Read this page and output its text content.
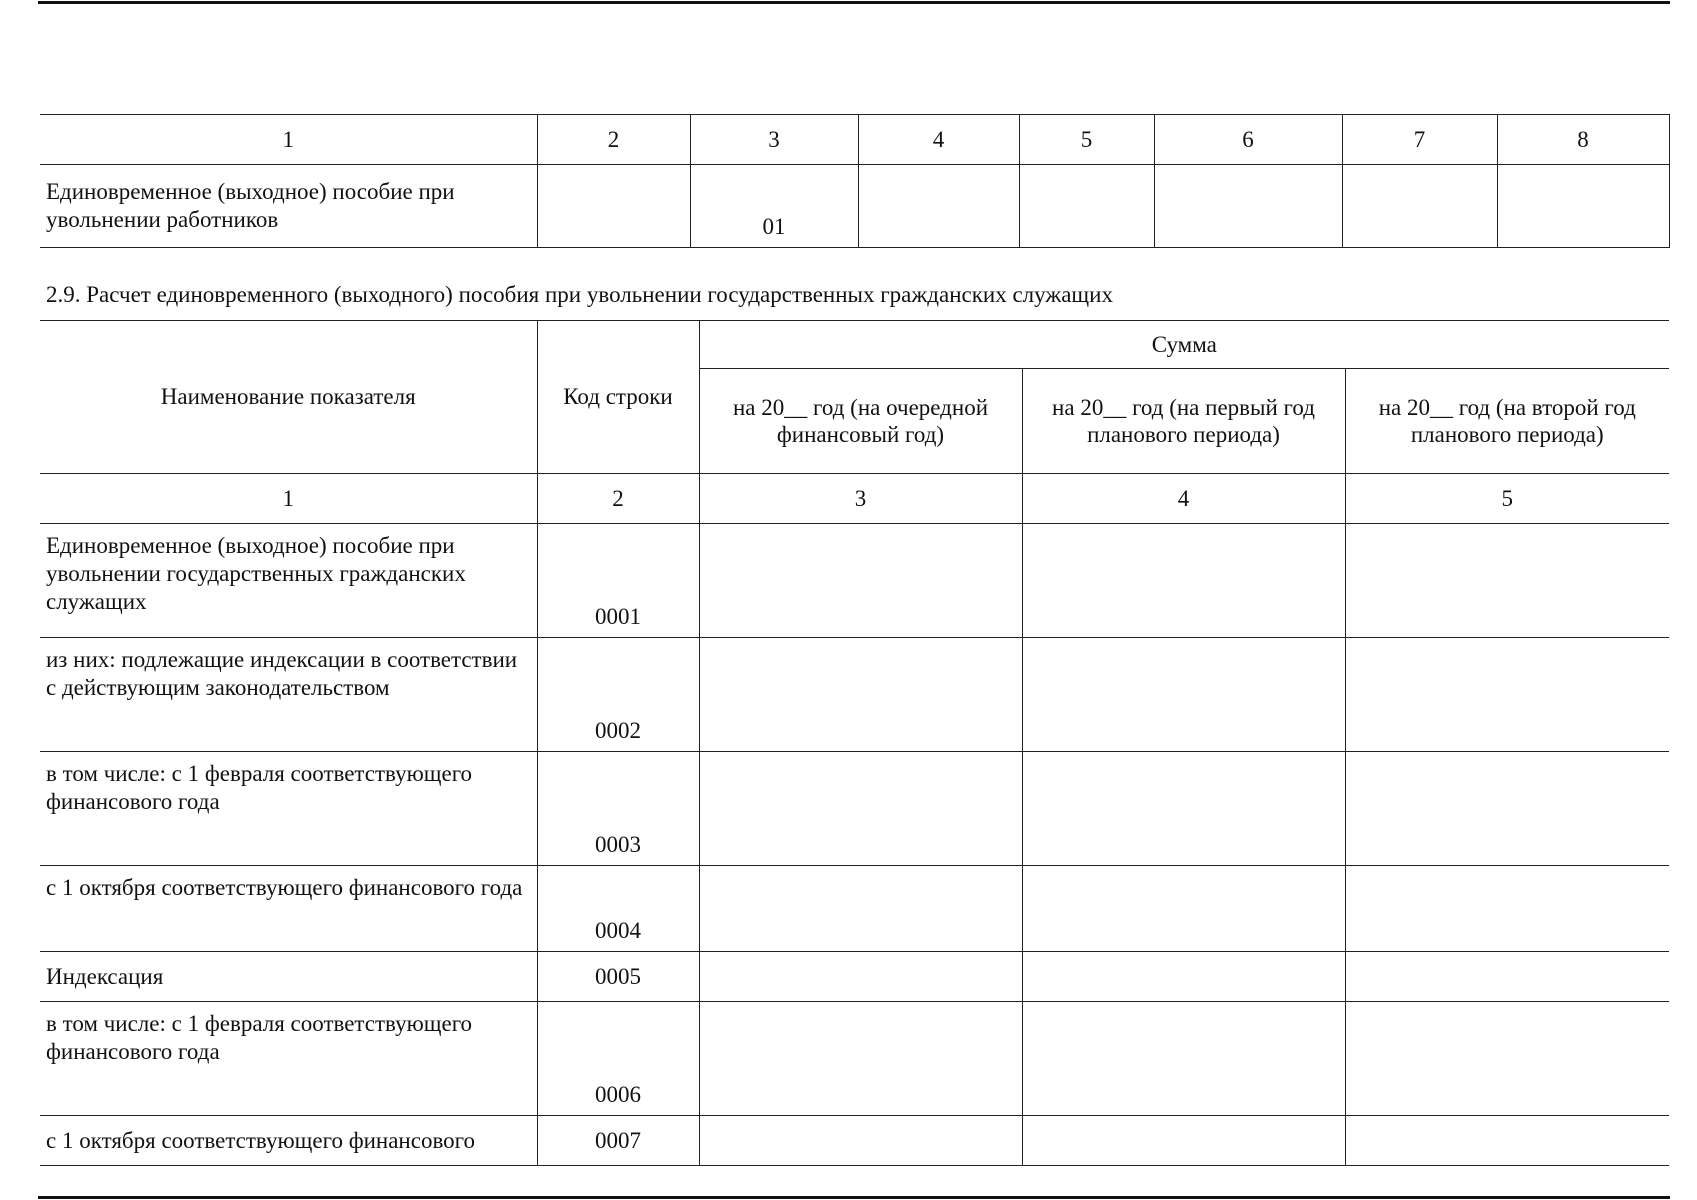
1	2	3	4	5	6	7	8
Единовременное (выходное) пособие при увольнении работников		01					
2.9. Расчет единовременного (выходного) пособия при увольнении государственных гражданских служащих
Наименование показателя	Код строки	Сумма		
		на 20__ год (на очередной финансовый год)	на 20__ год (на первый год планового периода)	на 20__ год (на второй год планового периода)
1	2	3	4	5
Единовременное (выходное) пособие при увольнении государственных гражданских служащих	0001			
из них: подлежащие индексации в соответствии с действующим законодательством	0002			
в том числе: с 1 февраля соответствующего финансового года	0003			
с 1 октября соответствующего финансового года	0004			
Индексация	0005			
в том числе: с 1 февраля соответствующего финансового года	0006			
с 1 октября соответствующего финансового	0007			
